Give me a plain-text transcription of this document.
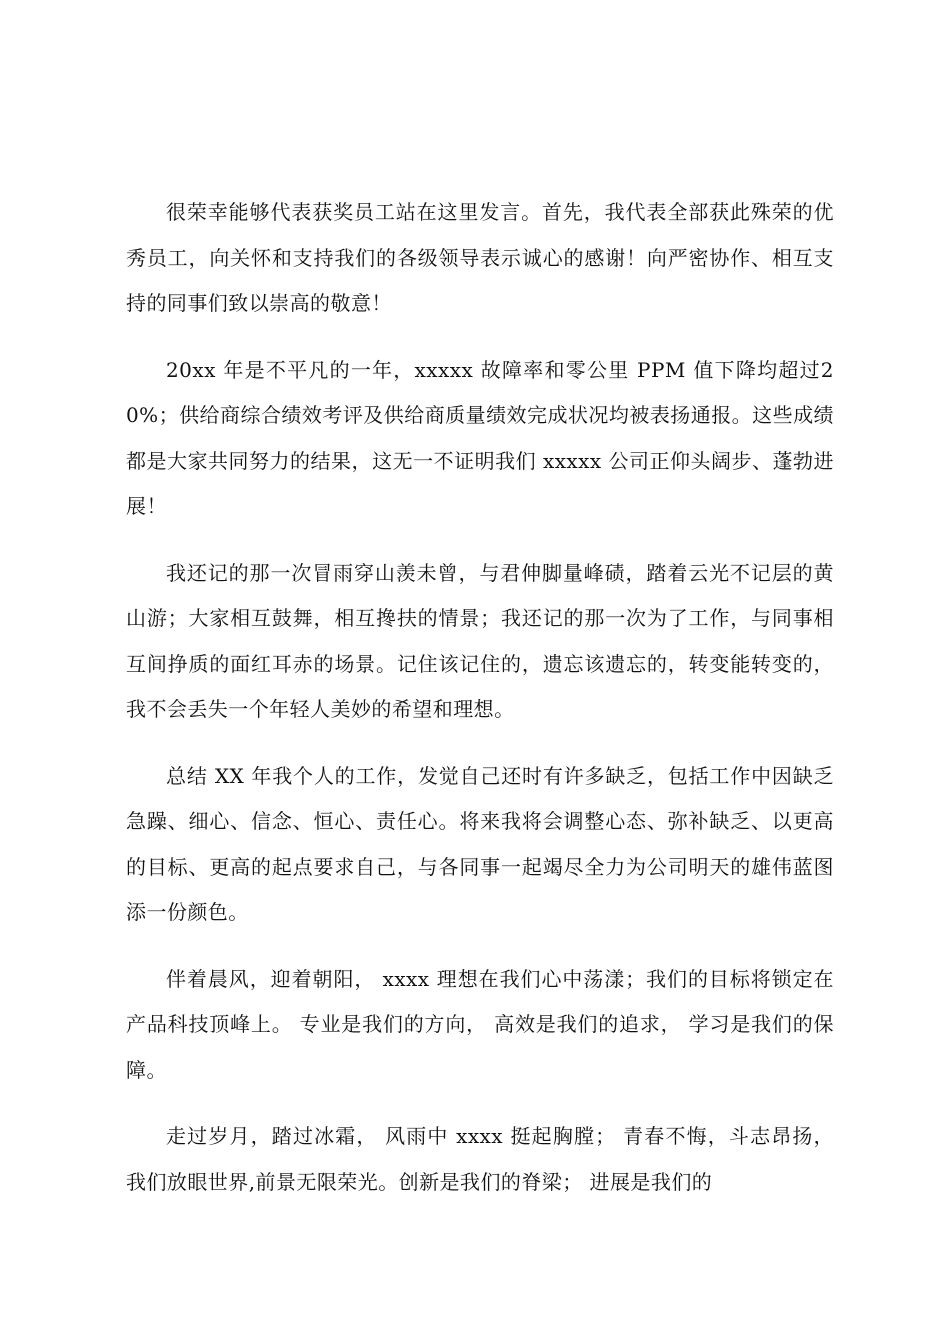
很荣幸能够代表获奖员工站在这里发言。首先，我代表全部获此殊荣的优秀员工，向关怀和支持我们的各级领导表示诚心的感谢！向严密协作、相互支持的同事们致以崇高的敬意！

20xx 年是不平凡的一年，xxxxx 故障率和零公里 PPM 值下降均超过20%；供给商综合绩效考评及供给商质量绩效完成状况均被表扬通报。这些成绩都是大家共同努力的结果，这无一不证明我们 xxxxx 公司正仰头阔步、蓬勃进展！

我还记的那一次冒雨穿山羡未曾，与君伸脚量峰碛，踏着云光不记层的黄山游；大家相互鼓舞，相互搀扶的情景；我还记的那一次为了工作，与同事相互间挣质的面红耳赤的场景。记住该记住的，遗忘该遗忘的，转变能转变的，我不会丢失一个年轻人美妙的希望和理想。

总结 XX 年我个人的工作，发觉自己还时有许多缺乏，包括工作中因缺乏急躁、细心、信念、恒心、责任心。将来我将会调整心态、弥补缺乏、以更高的目标、更高的起点要求自己，与各同事一起竭尽全力为公司明天的雄伟蓝图添一份颜色。

伴着晨风，迎着朝阳， xxxx 理想在我们心中荡漾；我们的目标将锁定在产品科技顶峰上。 专业是我们的方向， 高效是我们的追求， 学习是我们的保障。

走过岁月，踏过冰霜， 风雨中 xxxx 挺起胸膛； 青春不悔，斗志昂扬， 我们放眼世界,前景无限荣光。创新是我们的脊梁； 进展是我们的
